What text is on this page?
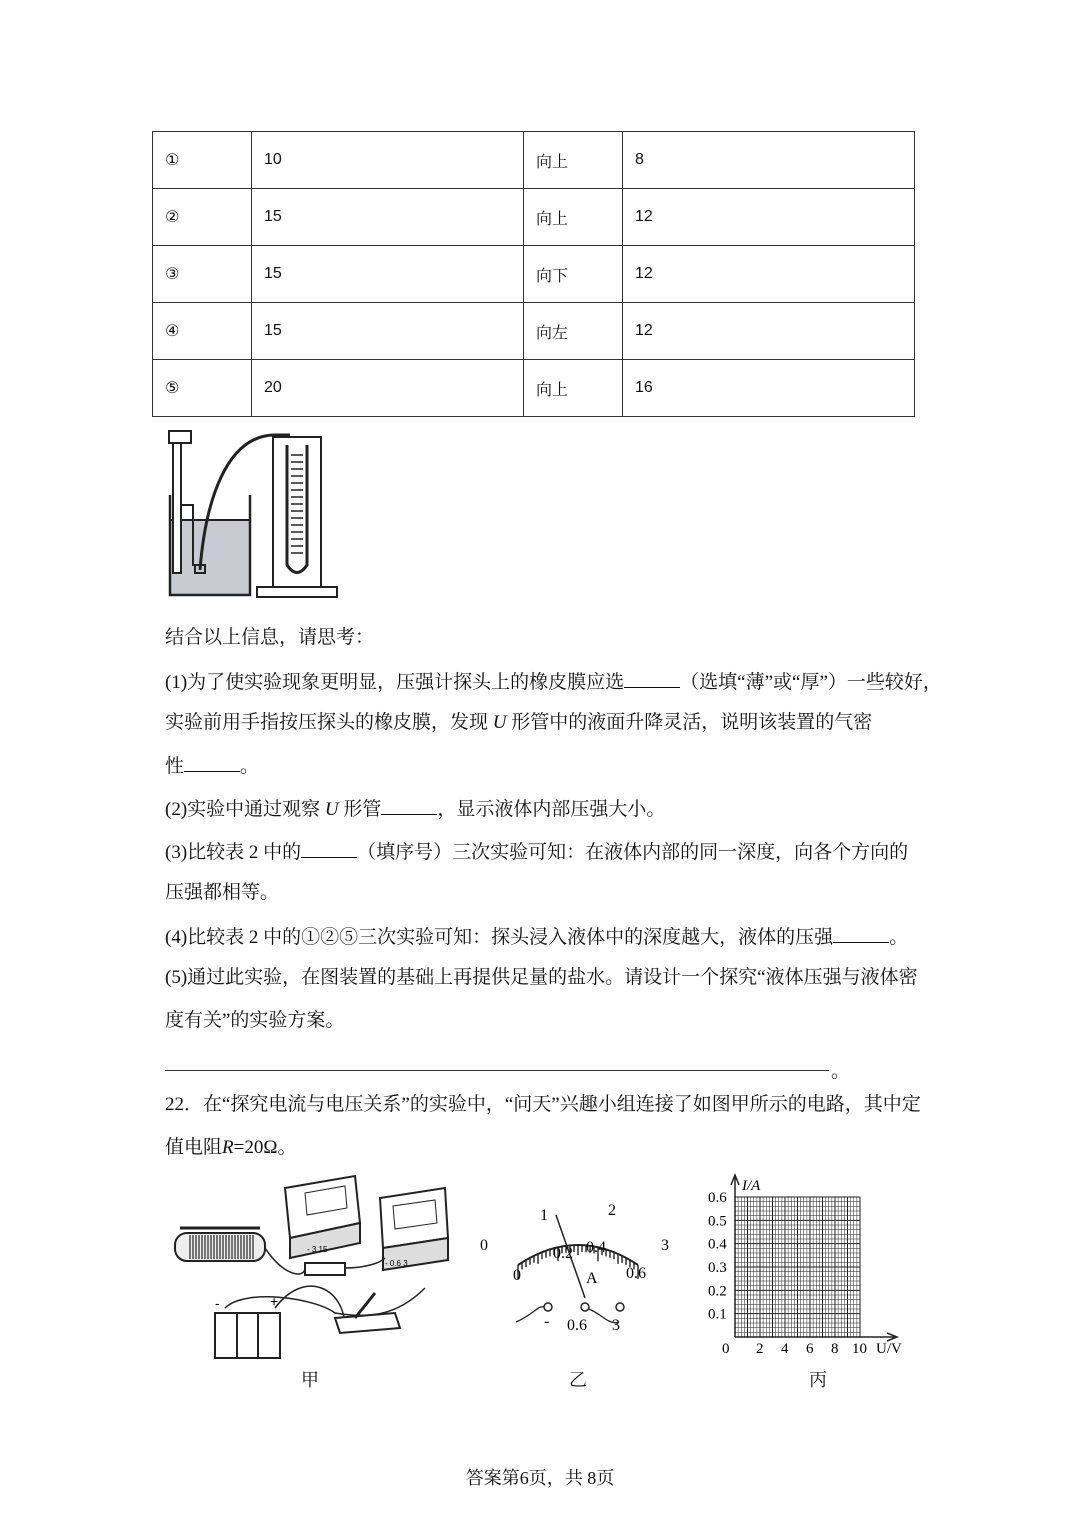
①	10	向上	8
②	15	向上	12
③	15	向下	12
④	15	向左	12
⑤	20	向上	16
结合以上信息，请思考：
(1)为了使实验现象更明显，压强计探头上的橡皮膜应选	（选填“薄”或“厚”）一些较好，
实验前用手指按压探头的橡皮膜，发现 U 形管中的液面升降灵活，说明该装置的气密
性	。
(2)实验中通过观察 U 形管	，显示液体内部压强大小。
(3)比较表 2 中的	（填序号）三次实验可知：在液体内部的同一深度，向各个方向的
压强都相等。
(4)比较表 2 中的①②⑤三次实验可知：探头浸入液体中的深度越大，液体的压强	。
(5)通过此实验，在图装置的基础上再提供足量的盐水。请设计一个探究“液体压强与液体密
度有关”的实验方案。
。
22．在“探究电流与电压关系”的实验中，“问天”兴趣小组连接了如图甲所示的电路，其中定
值电阻R=20Ω。
- 3 15
- 0.6 3
-	+
0
1	2
3
0
0.2 0.4
0.6
A
- 0.6 3
I/A
U/V
0.1
0.2
0.3
0.4
0.5
0.6
0 2 4 6 8 10
甲	乙	丙
答案第6页，共 8页
